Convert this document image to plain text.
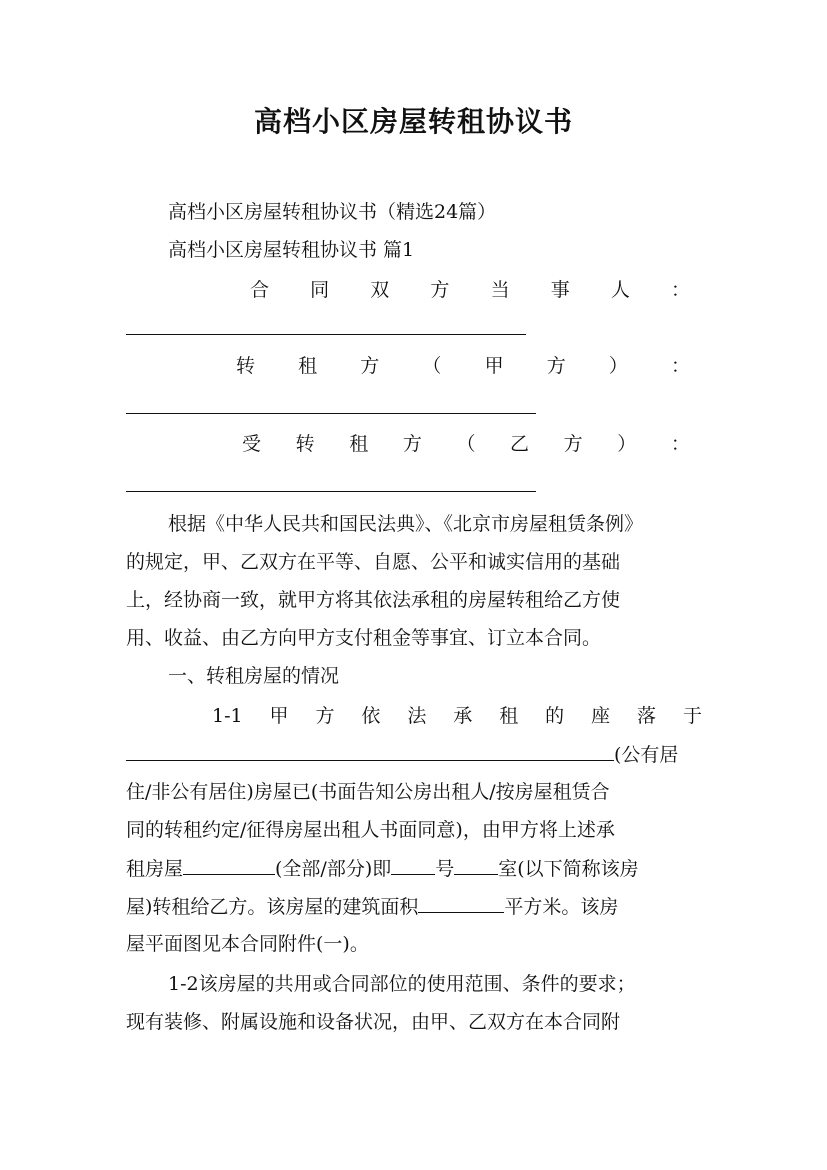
高档小区房屋转租协议书
高档小区房屋转租协议书（精选24篇）
高档小区房屋转租协议书 篇1
合 同 双 方 当 事 人 ：
转 租 方 （ 甲 方 ） ：
受 转 租 方 （ 乙 方 ） ：
根据《中华人民共和国民法典》、《北京市房屋租赁条例》
的规定，甲、乙双方在平等、自愿、公平和诚实信用的基础
上，经协商一致，就甲方将其依法承租的房屋转租给乙方使
用、收益、由乙方向甲方支付租金等事宜、订立本合同。
一、转租房屋的情况
1-1 甲 方 依 法 承 租 的 座 落 于
(公有居
住/非公有居住)房屋已(书面告知公房出租人/按房屋租赁合
同的转租约定/征得房屋出租人书面同意)，由甲方将上述承
租房屋	(全部/部分)即 号 室(以下简称该房
屋)转租给乙方。该房屋的建筑面积	平方米。该房
屋平面图见本合同附件(一)。
1-2该房屋的共用或合同部位的使用范围、条件的要求；
现有装修、附属设施和设备状况，由甲、乙双方在本合同附
